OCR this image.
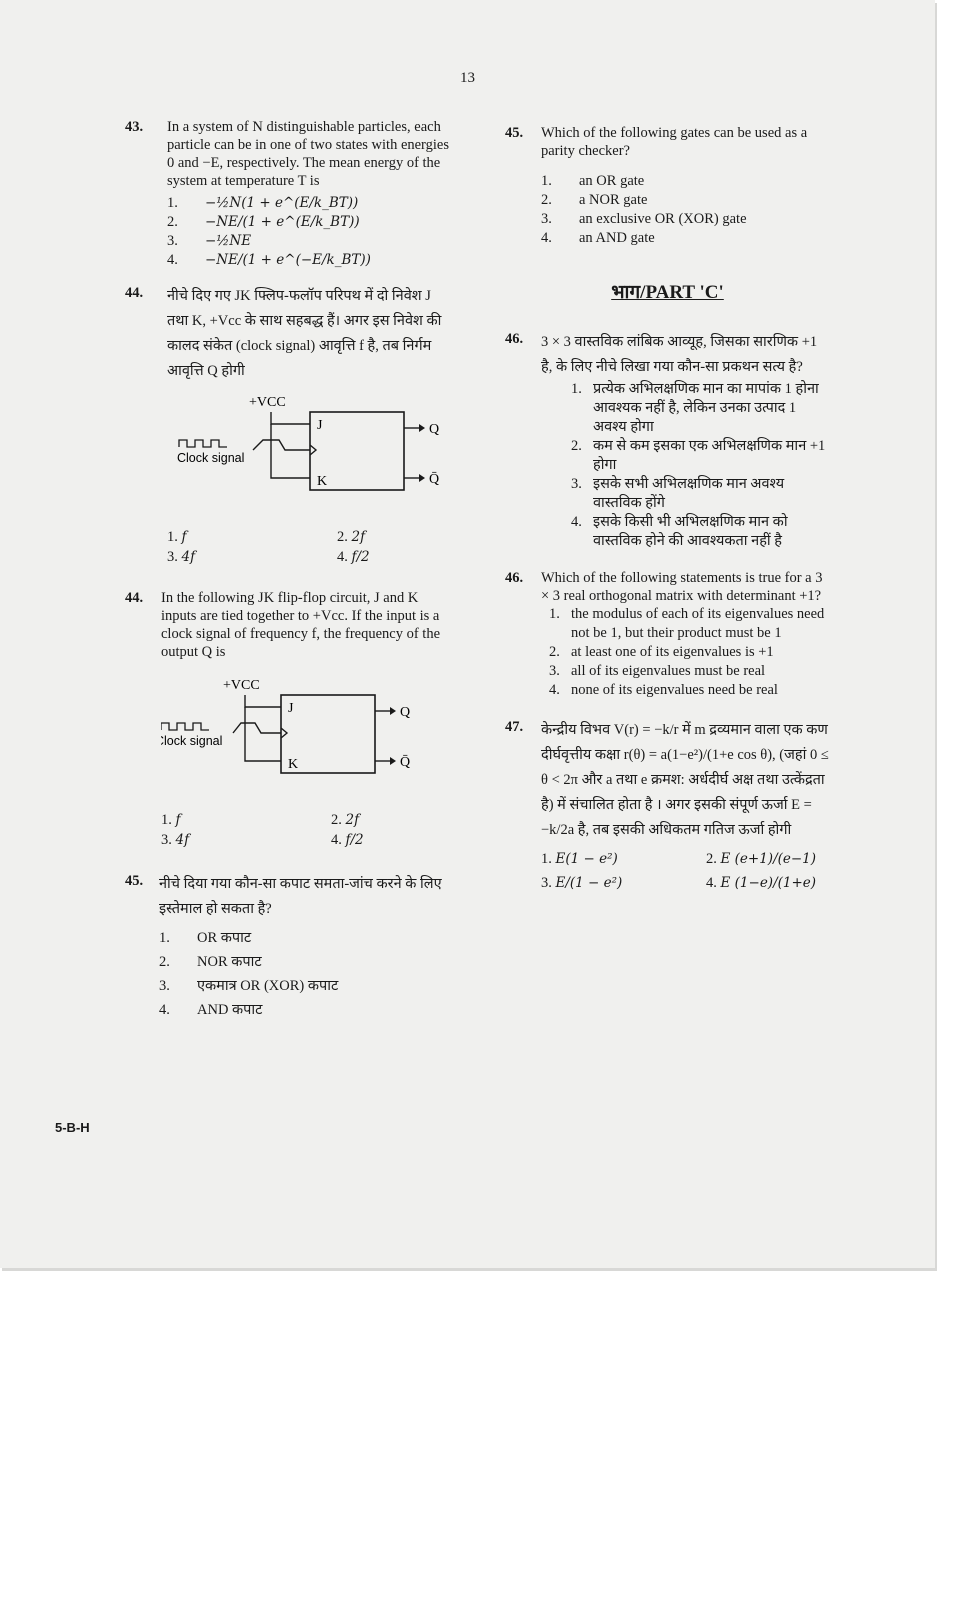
13
43. In a system of N distinguishable particles, each particle can be in one of two states with energies 0 and −E, respectively. The mean energy of the system at temperature T is
1.	−½N(1 + e^(E/k_BT))
2.	−NE/(1 + e^(E/k_BT))
3.	−½NE
4.	−NE/(1 + e^(−E/k_BT))
44. नीचे दिए गए JK फ्लिप-फलॉप परिपथ में दो निवेश J तथा K, +Vcc के साथ सहबद्ध हैं। अगर इस निवेश की कालद संकेत (clock signal) आवृत्ति f है, तब निर्गम आवृत्ति Q होगी
+VCC
J
K
Q
Q̄
Clock signal
1. f	2. 2f
3. 4f	4. f/2
44. In the following JK flip-flop circuit, J and K inputs are tied together to +Vcc. If the input is a clock signal of frequency f, the frequency of the output Q is
+VCC
J
K
Q
Q̄
Clock signal
1. f	2. 2f
3. 4f	4. f/2
45. नीचे दिया गया कौन-सा कपाट समता-जांच करने के लिए इस्तेमाल हो सकता है?
1.	OR कपाट
2.	NOR कपाट
3.	एकमात्र OR (XOR) कपाट
4.	AND कपाट
45. Which of the following gates can be used as a parity checker?
1.	an OR gate
2.	a NOR gate
3.	an exclusive OR (XOR) gate
4.	an AND gate
भाग/PART 'C'
46. 3 × 3 वास्तविक लांबिक आव्यूह, जिसका सारणिक +1 है, के लिए नीचे लिखा गया कौन-सा प्रकथन सत्य है?
1. प्रत्येक अभिलक्षणिक मान का मापांक 1 होना आवश्यक नहीं है, लेकिन उनका उत्पाद 1 अवश्य होगा
2. कम से कम इसका एक अभिलक्षणिक मान +1 होगा
3. इसके सभी अभिलक्षणिक मान अवश्य वास्तविक होंगे
4. इसके किसी भी अभिलक्षणिक मान को वास्तविक होने की आवश्यकता नहीं है
46. Which of the following statements is true for a 3 × 3 real orthogonal matrix with determinant +1?
1. the modulus of each of its eigenvalues need not be 1, but their product must be 1
2. at least one of its eigenvalues is +1
3. all of its eigenvalues must be real
4. none of its eigenvalues need be real
47. केन्द्रीय विभव V(r) = −k/r में m द्रव्यमान वाला एक कण दीर्घवृत्तीय कक्षा r(θ) = a(1−e²)/(1+e cos θ), (जहां 0 ≤ θ < 2π और a तथा e क्रमश: अर्धदीर्घ अक्ष तथा उत्केंद्रता है) में संचालित होता है । अगर इसकी संपूर्ण ऊर्जा E = −k/2a है, तब इसकी अधिकतम गतिज ऊर्जा होगी
1. E(1 − e²)	2. E (e+1)/(e−1)
3. E/(1 − e²)	4. E (1−e)/(1+e)
5-B-H
